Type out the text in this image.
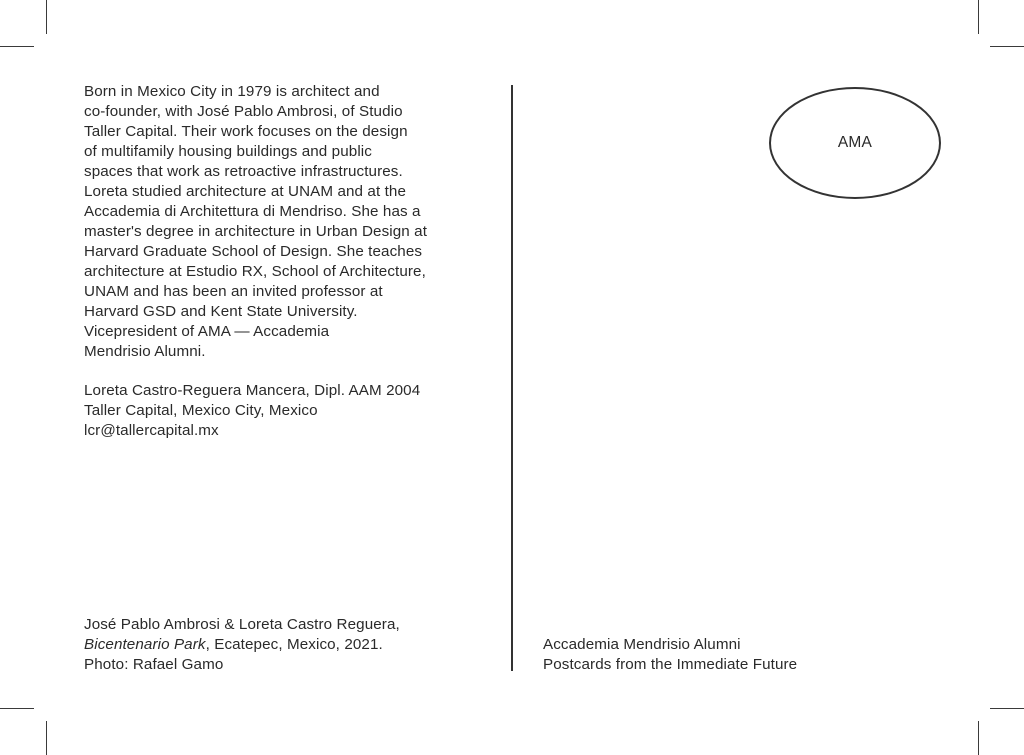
Born in Mexico City in 1979 is architect and
co-founder, with José Pablo Ambrosi, of Studio
Taller Capital. Their work focuses on the design
of multifamily housing buildings and public
spaces that work as retroactive infrastructures.
Loreta studied architecture at UNAM and at the
Accademia di Architettura di Mendriso. She has a
master's degree in architecture in Urban Design at
Harvard Graduate School of Design. She teaches
architecture at Estudio RX, School of Architecture,
UNAM and has been an invited professor at
Harvard GSD and Kent State University.
Vicepresident of AMA — Accademia
Mendrisio Alumni.
Loreta Castro-Reguera Mancera, Dipl. AAM 2004
Taller Capital, Mexico City, Mexico
lcr@tallercapital.mx
José Pablo Ambrosi & Loreta Castro Reguera,
Bicentenario Park, Ecatepec, Mexico, 2021.
Photo: Rafael Gamo
AMA
Accademia Mendrisio Alumni
Postcards from the Immediate Future
